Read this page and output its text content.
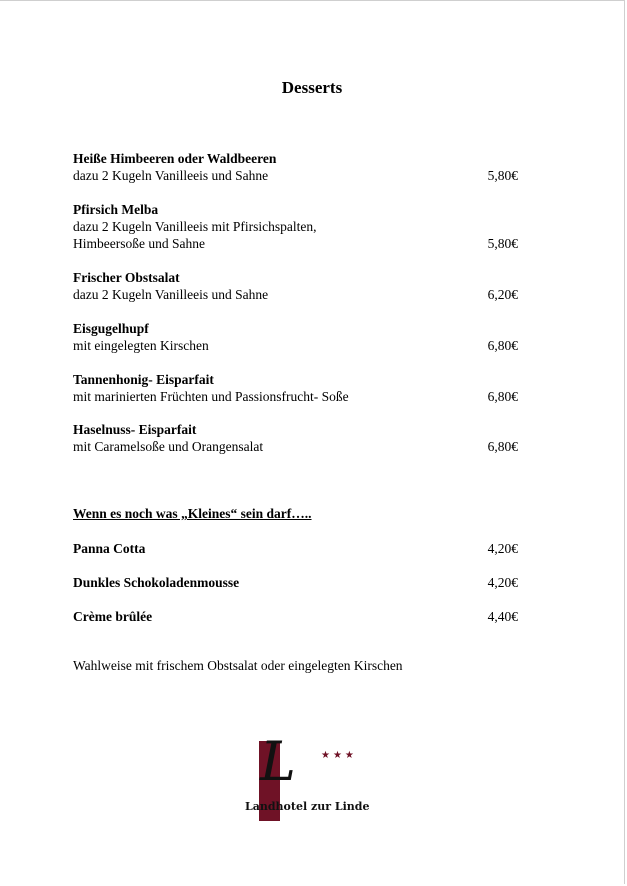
Desserts
Heiße Himbeeren oder Waldbeeren
dazu 2 Kugeln Vanilleeis und Sahne	5,80€
Pfirsich Melba
dazu 2 Kugeln Vanilleeis mit Pfirsichspalten,
Himbeersoße und Sahne	5,80€
Frischer Obstsalat
dazu 2 Kugeln Vanilleeis und Sahne	6,20€
Eisgugelhupf
mit eingelegten Kirschen	6,80€
Tannenhonig- Eisparfait
mit marinierten Früchten und Passionsfrucht- Soße	6,80€
Haselnuss- Eisparfait
mit Caramelsoße und Orangensalat	6,80€
Wenn es noch was „Kleines“ sein darf…..
Panna Cotta	4,20€
Dunkles Schokoladenmousse	4,20€
Crème brûlée	4,40€
Wahlweise mit frischem Obstsalat oder eingelegten Kirschen
L	★★★
Landhotel zur Linde
